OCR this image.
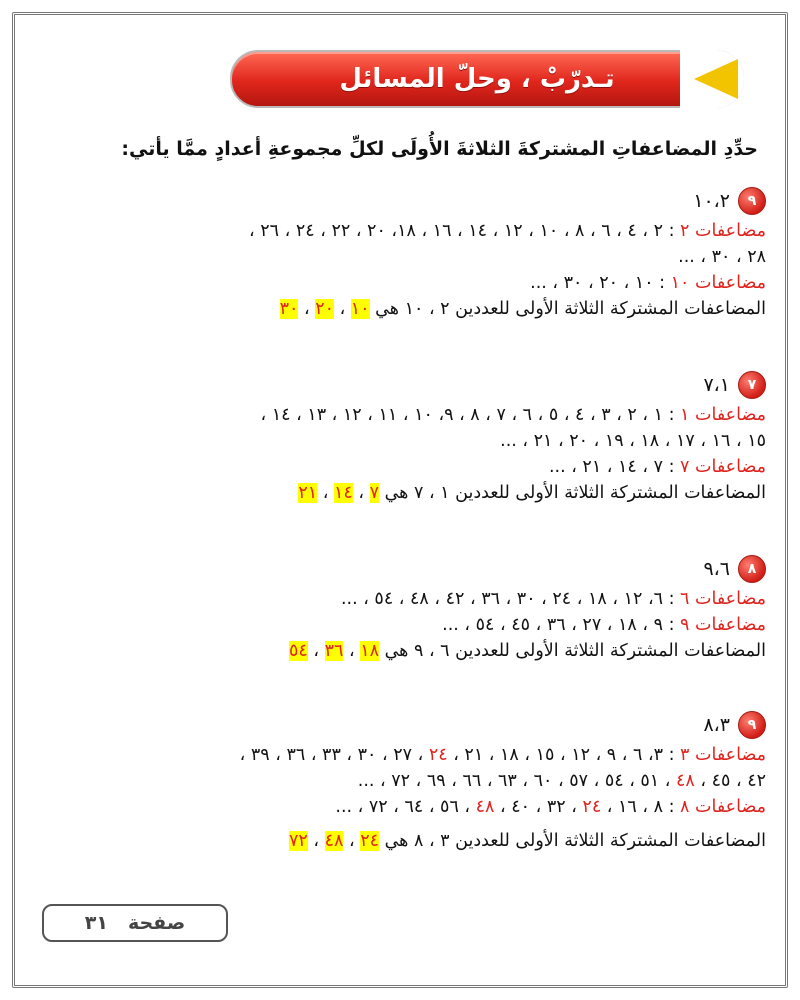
تـدرّبْ ، وحلّ المسائل
حدِّدِ المضاعفاتِ المشتركةَ الثلاثةَ الأُولَى لكلِّ مجموعةِ أعدادٍ ممَّا يأتي:
٩
١٠،٢
مضاعفات ٢ : ٢ ، ٤ ، ٦ ، ٨ ، ١٠ ، ١٢ ، ١٤ ، ١٦ ، ١٨، ٢٠ ، ٢٢ ، ٢٤ ، ٢٦ ،
٢٨ ، ٣٠ ، ...
مضاعفات ١٠ : ١٠ ، ٢٠ ، ٣٠ ، ...
المضاعفات المشتركة الثلاثة الأولى للعددين ٢ ، ١٠ هي ١٠ ، ٢٠ ، ٣٠
٧
٧،١
مضاعفات ١ : ١ ، ٢ ، ٣ ، ٤ ، ٥ ، ٦ ، ٧ ، ٨ ، ٩، ١٠ ، ١١ ، ١٢ ، ١٣ ، ١٤ ،
١٥ ، ١٦ ، ١٧ ، ١٨ ، ١٩ ، ٢٠ ، ٢١ ، ...
مضاعفات ٧ : ٧ ، ١٤ ، ٢١ ، ...
المضاعفات المشتركة الثلاثة الأولى للعددين ١ ، ٧ هي ٧ ، ١٤ ، ٢١
٨
٩،٦
مضاعفات ٦ : ٦، ١٢ ، ١٨ ، ٢٤ ، ٣٠ ، ٣٦ ، ٤٢ ، ٤٨ ، ٥٤ ، ...
مضاعفات ٩ : ٩ ، ١٨ ، ٢٧ ، ٣٦ ، ٤٥ ، ٥٤ ، ...
المضاعفات المشتركة الثلاثة الأولى للعددين ٦ ، ٩ هي ١٨ ، ٣٦ ، ٥٤
٩
٨،٣
مضاعفات ٣ : ٣، ٦ ، ٩ ، ١٢ ، ١٥ ، ١٨ ، ٢١ ، ٢٤ ، ٢٧ ، ٣٠ ، ٣٣ ، ٣٦ ، ٣٩ ،
٤٢ ، ٤٥ ، ٤٨ ، ٥١ ، ٥٤ ، ٥٧ ، ٦٠ ، ٦٣ ، ٦٦ ، ٦٩ ، ٧٢ ، ...
مضاعفات ٨ : ٨ ، ١٦ ، ٢٤ ، ٣٢ ، ٤٠ ، ٤٨ ، ٥٦ ، ٦٤ ، ٧٢ ، ...
المضاعفات المشتركة الثلاثة الأولى للعددين ٣ ، ٨ هي ٢٤ ، ٤٨ ، ٧٢
صفحة
٣١
